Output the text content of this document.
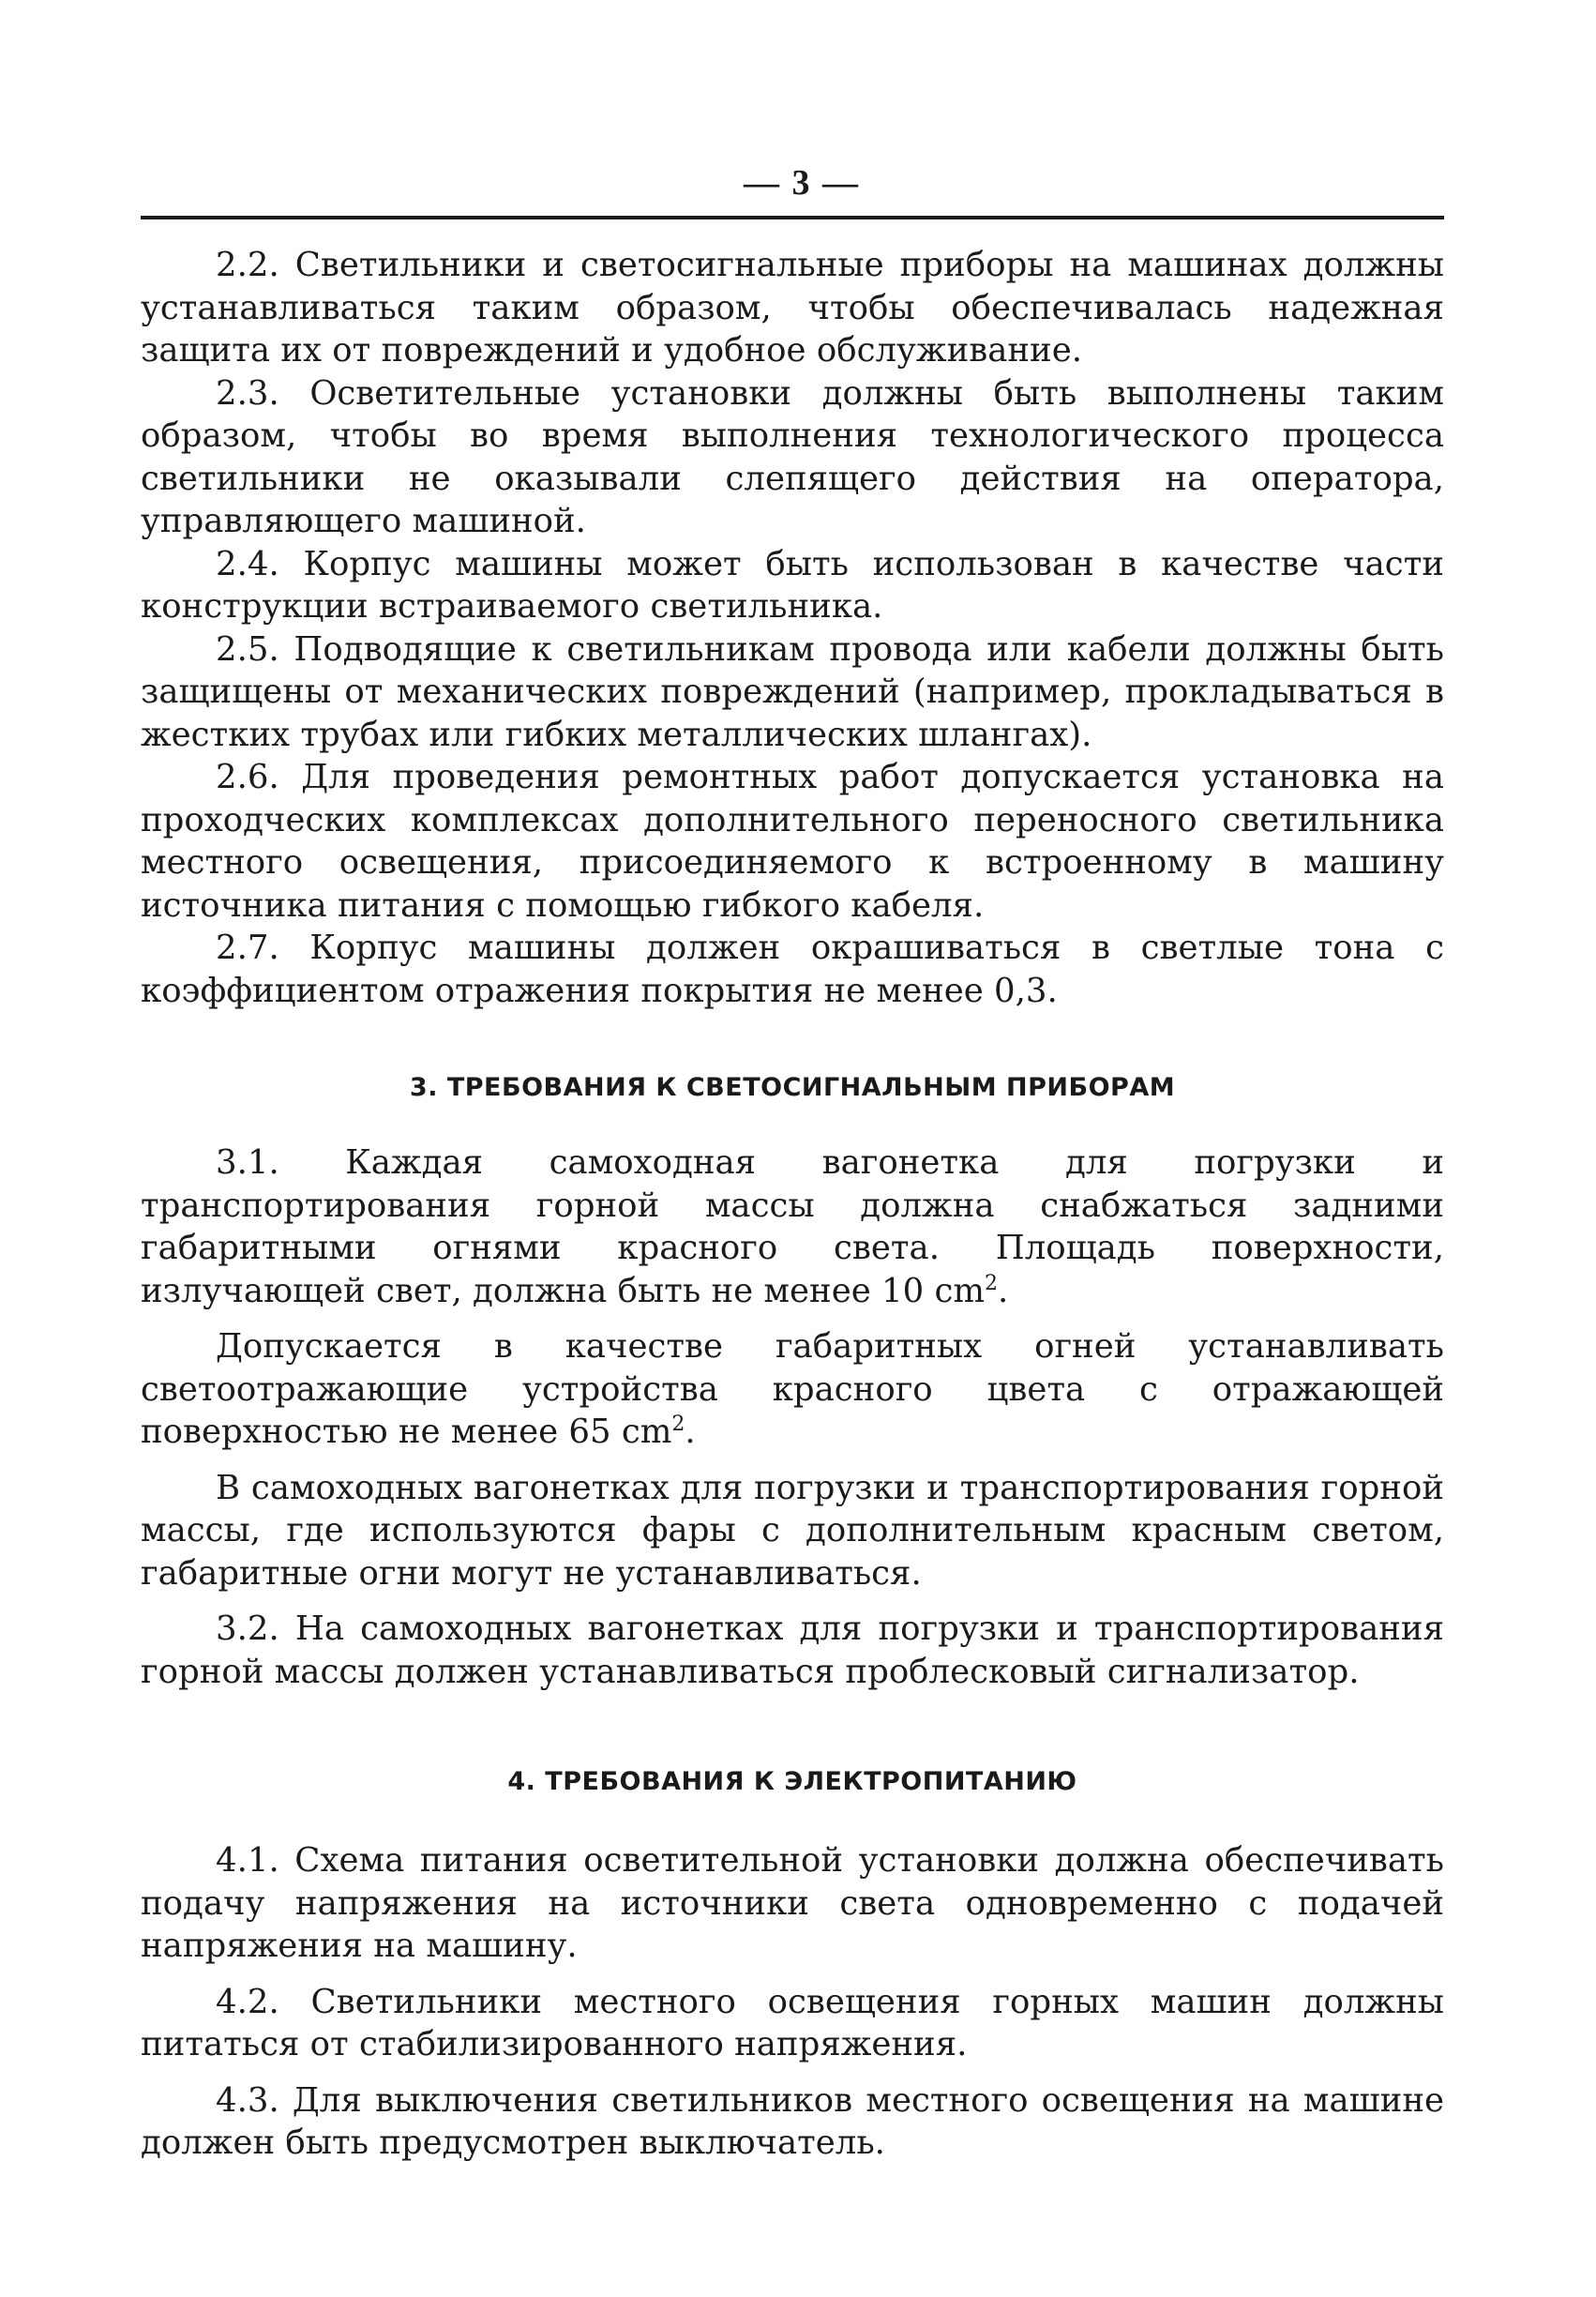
— 3 —

2.2. Светильники и светосигнальные приборы на машинах должны устанавливаться таким образом, чтобы обеспечивалась надежная защита их от повреждений и удобное обслуживание.

2.3. Осветительные установки должны быть выполнены таким образом, чтобы во время выполнения технологического процесса светильники не оказывали слепящего действия на оператора, управляющего машиной.

2.4. Корпус машины может быть использован в качестве части конструкции встраиваемого светильника.

2.5. Подводящие к светильникам провода или кабели должны быть защищены от механических повреждений (например, прокладываться в жестких трубах или гибких металлических шлангах).

2.6. Для проведения ремонтных работ допускается установка на проходческих комплексах дополнительного переносного светильника местного освещения, присоединяемого к встроенному в машину источника питания с помощью гибкого кабеля.

2.7. Корпус машины должен окрашиваться в светлые тона с коэффициентом отражения покрытия не менее 0,3.

3. ТРЕБОВАНИЯ К СВЕТОСИГНАЛЬНЫМ ПРИБОРАМ

3.1. Каждая самоходная вагонетка для погрузки и транспортирования горной массы должна снабжаться задними габаритными огнями красного света. Площадь поверхности, излучающей свет, должна быть не менее 10 $cm^2$.

Допускается в качестве габаритных огней устанавливать светоотражающие устройства красного цвета с отражающей поверхностью не менее 65 $cm^2$.

В самоходных вагонетках для погрузки и транспортирования горной массы, где используются фары с дополнительным красным светом, габаритные огни могут не устанавливаться.

3.2. На самоходных вагонетках для погрузки и транспортирования горной массы должен устанавливаться проблесковый сигнализатор.

4. ТРЕБОВАНИЯ К ЭЛЕКТРОПИТАНИЮ

4.1. Схема питания осветительной установки должна обеспечивать подачу напряжения на источники света одновременно с подачей напряжения на машину.

4.2. Светильники местного освещения горных машин должны питаться от стабилизированного напряжения.

4.3. Для выключения светильников местного освещения на машине должен быть предусмотрен выключатель.
